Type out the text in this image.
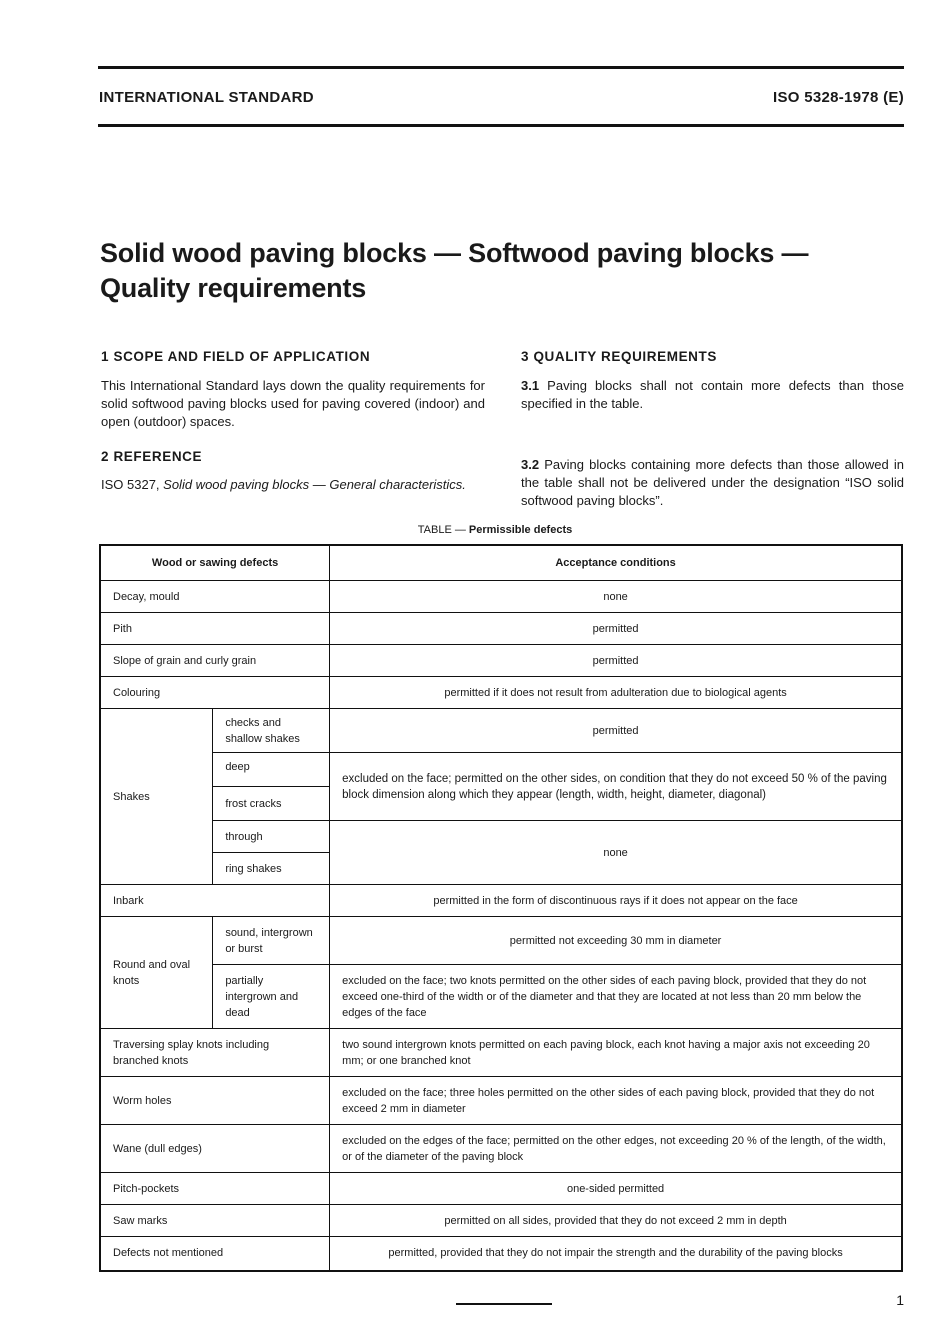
INTERNATIONAL STANDARD	ISO 5328-1978 (E)
Solid wood paving blocks — Softwood paving blocks —
Quality requirements
1 SCOPE AND FIELD OF APPLICATION
This International Standard lays down the quality requirements for solid softwood paving blocks used for paving covered (indoor) and open (outdoor) spaces.
2 REFERENCE
ISO 5327, Solid wood paving blocks — General characteristics.
3 QUALITY REQUIREMENTS
3.1 Paving blocks shall not contain more defects than those specified in the table.
3.2 Paving blocks containing more defects than those allowed in the table shall not be delivered under the designation “ISO solid softwood paving blocks”.
TABLE — Permissible defects
Wood or sawing defects		Acceptance conditions
Decay, mould		none
Pith		permitted
Slope of grain and curly grain		permitted
Colouring		permitted if it does not result from adulteration due to biological agents
Shakes	checks and shallow shakes	permitted
	deep	excluded on the face; permitted on the other sides, on condition that they do not exceed 50 % of the paving block dimension along which they appear (length, width, height, diameter, diagonal)
	frost cracks	
	through	none
	ring shakes	
Inbark		permitted in the form of discontinuous rays if it does not appear on the face
Round and oval knots	sound, intergrown or burst	permitted not exceeding 30 mm in diameter
	partially intergrown and dead	excluded on the face; two knots permitted on the other sides of each paving block, provided that they do not exceed one-third of the width or of the diameter and that they are located at not less than 20 mm below the edges of the face
Traversing splay knots including branched knots		two sound intergrown knots permitted on each paving block, each knot having a major axis not exceeding 20 mm; or one branched knot
Worm holes		excluded on the face; three holes permitted on the other sides of each paving block, provided that they do not exceed 2 mm in diameter
Wane (dull edges)		excluded on the edges of the face; permitted on the other edges, not exceeding 20 % of the length, of the width, or of the diameter of the paving block
Pitch-pockets		one-sided permitted
Saw marks		permitted on all sides, provided that they do not exceed 2 mm in depth
Defects not mentioned		permitted, provided that they do not impair the strength and the durability of the paving blocks
1
